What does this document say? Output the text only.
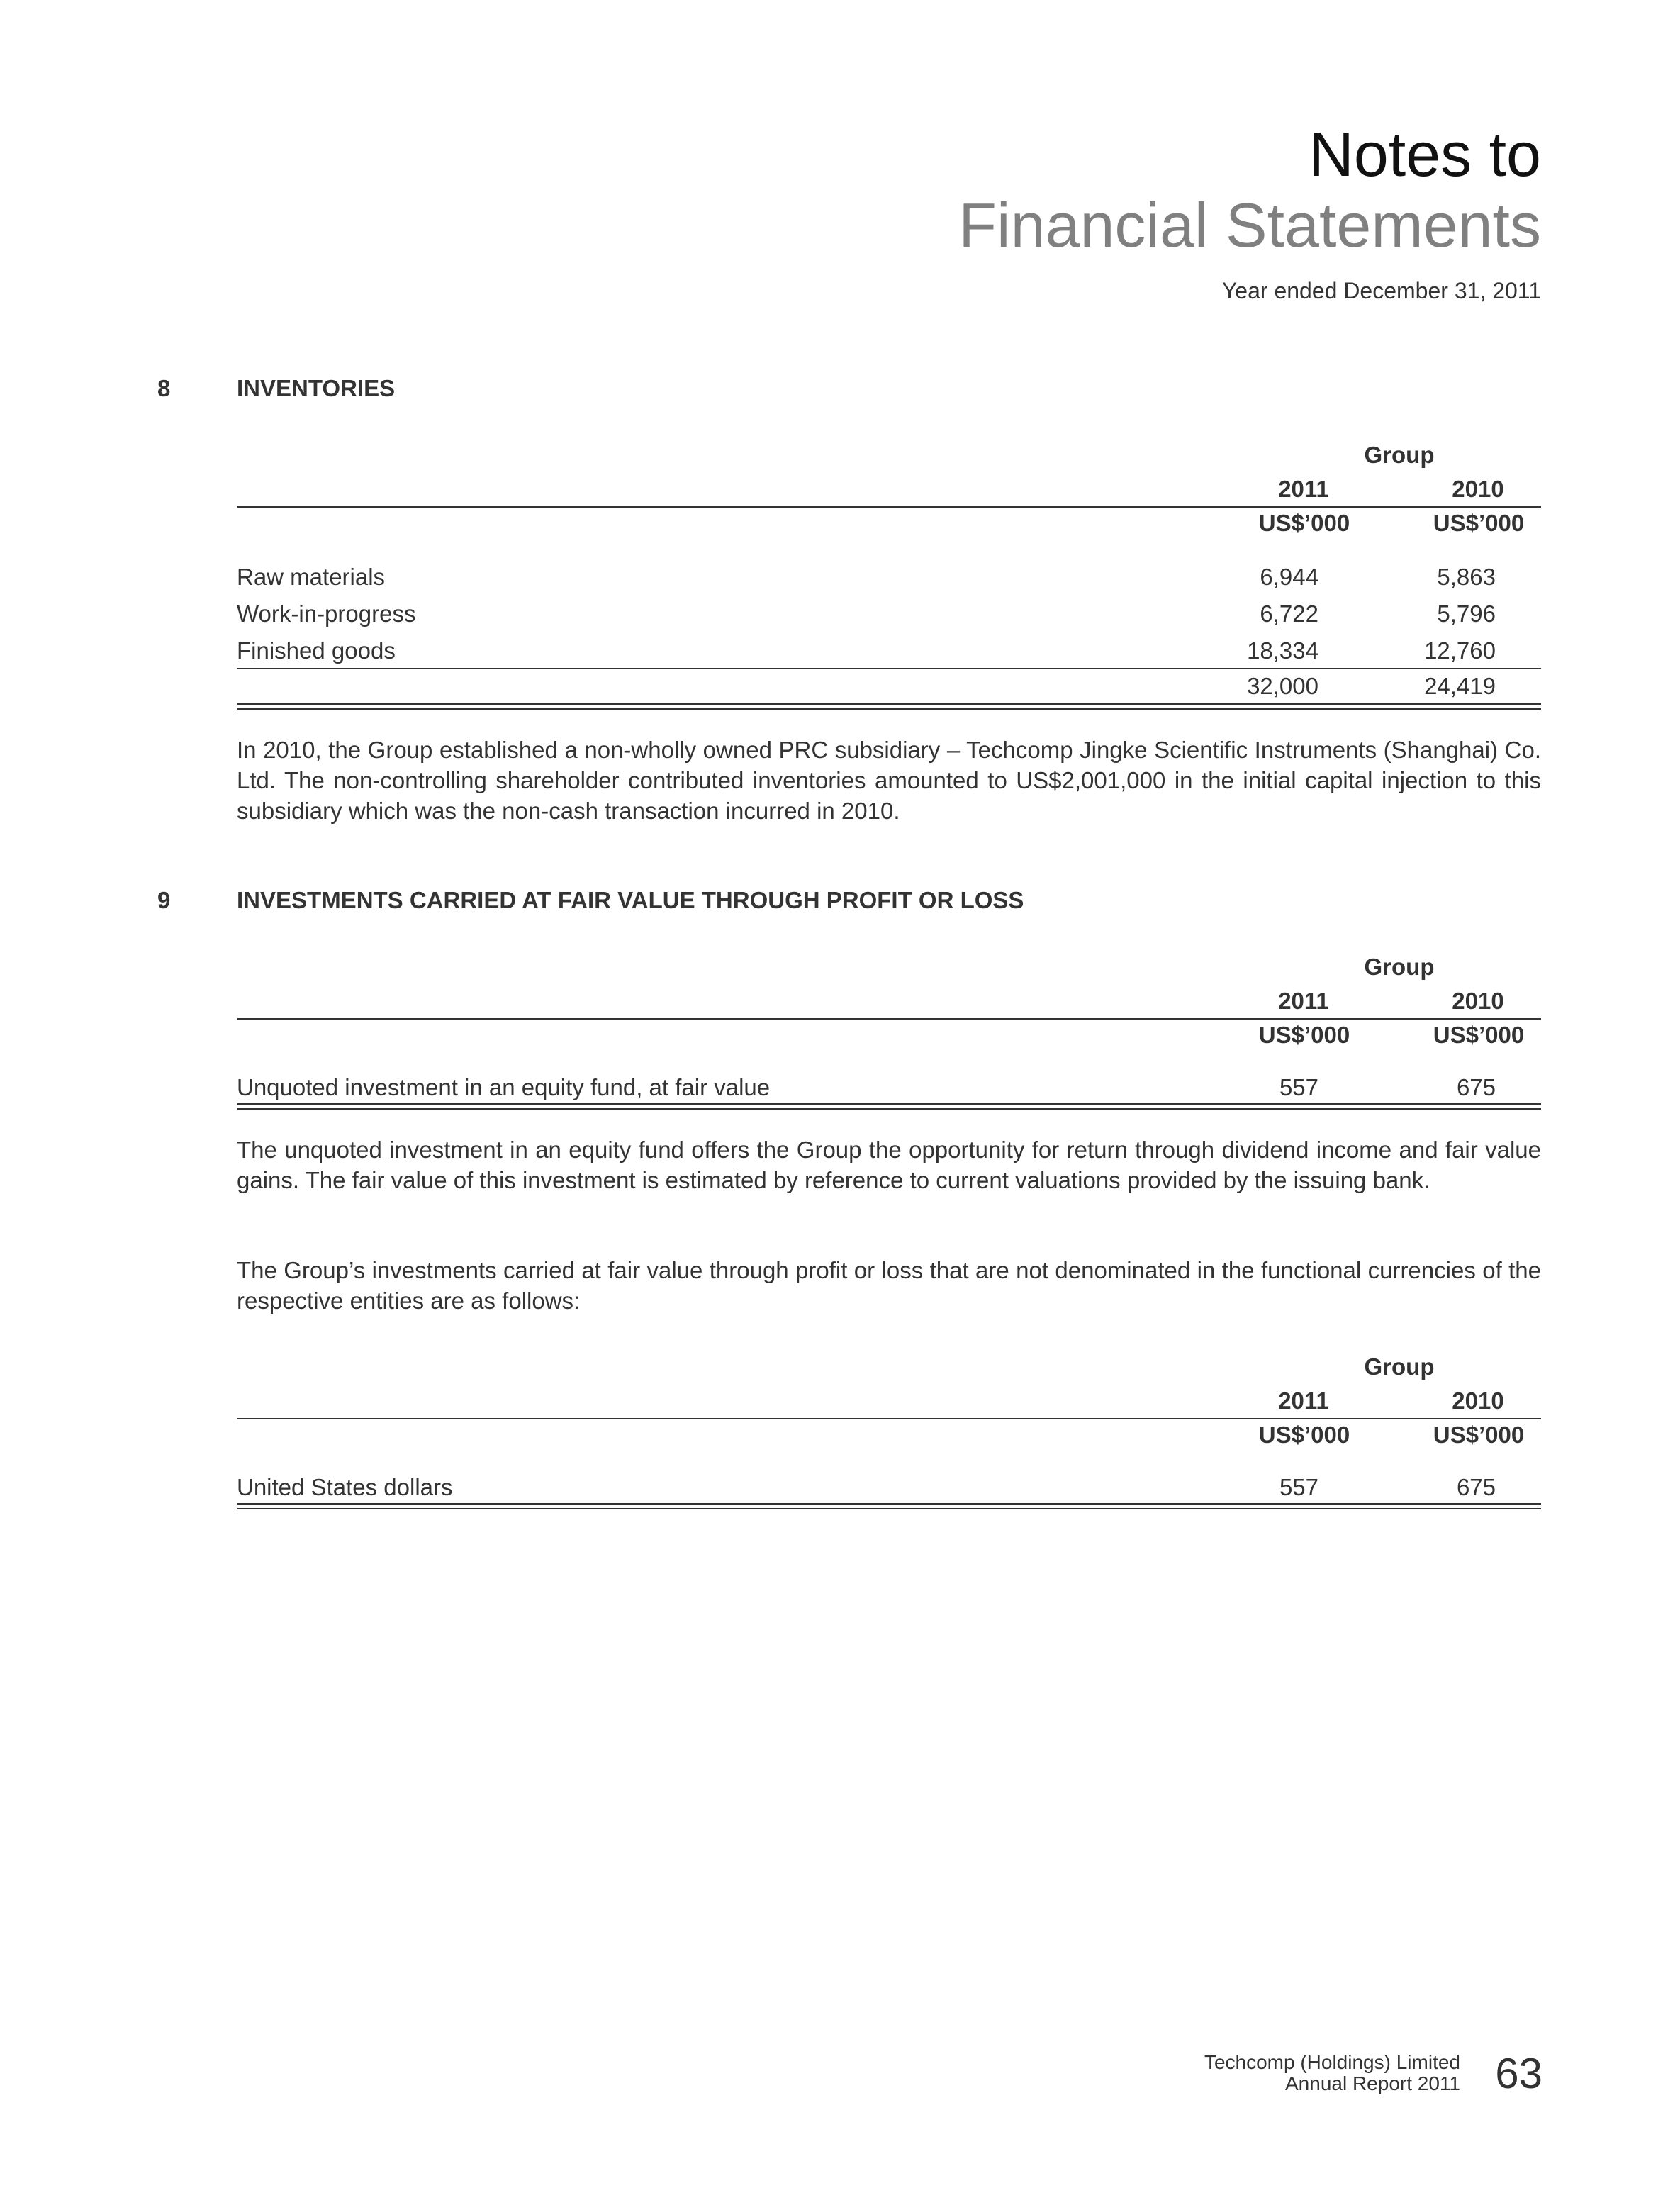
Notes to
Financial Statements
Year ended December 31, 2011
8	INVENTORIES
Group
2011	2010
US$’000	US$’000
Raw materials	6,944	5,863
Work-in-progress	6,722	5,796
Finished goods	18,334	12,760
32,000	24,419

In 2010, the Group established a non-wholly owned PRC subsidiary – Techcomp Jingke Scientific Instruments (Shanghai) Co. Ltd. The non-controlling shareholder contributed inventories amounted to US$2,001,000 in the initial capital injection to this subsidiary which was the non-cash transaction incurred in 2010.

9	INVESTMENTS CARRIED AT FAIR VALUE THROUGH PROFIT OR LOSS
Group
2011	2010
US$’000	US$’000
Unquoted investment in an equity fund, at fair value	557	675

The unquoted investment in an equity fund offers the Group the opportunity for return through dividend income and fair value gains. The fair value of this investment is estimated by reference to current valuations provided by the issuing bank.

The Group’s investments carried at fair value through profit or loss that are not denominated in the functional currencies of the respective entities are as follows:

Group
2011	2010
US$’000	US$’000
United States dollars	557	675
Techcomp (Holdings) Limited
Annual Report 2011 63
